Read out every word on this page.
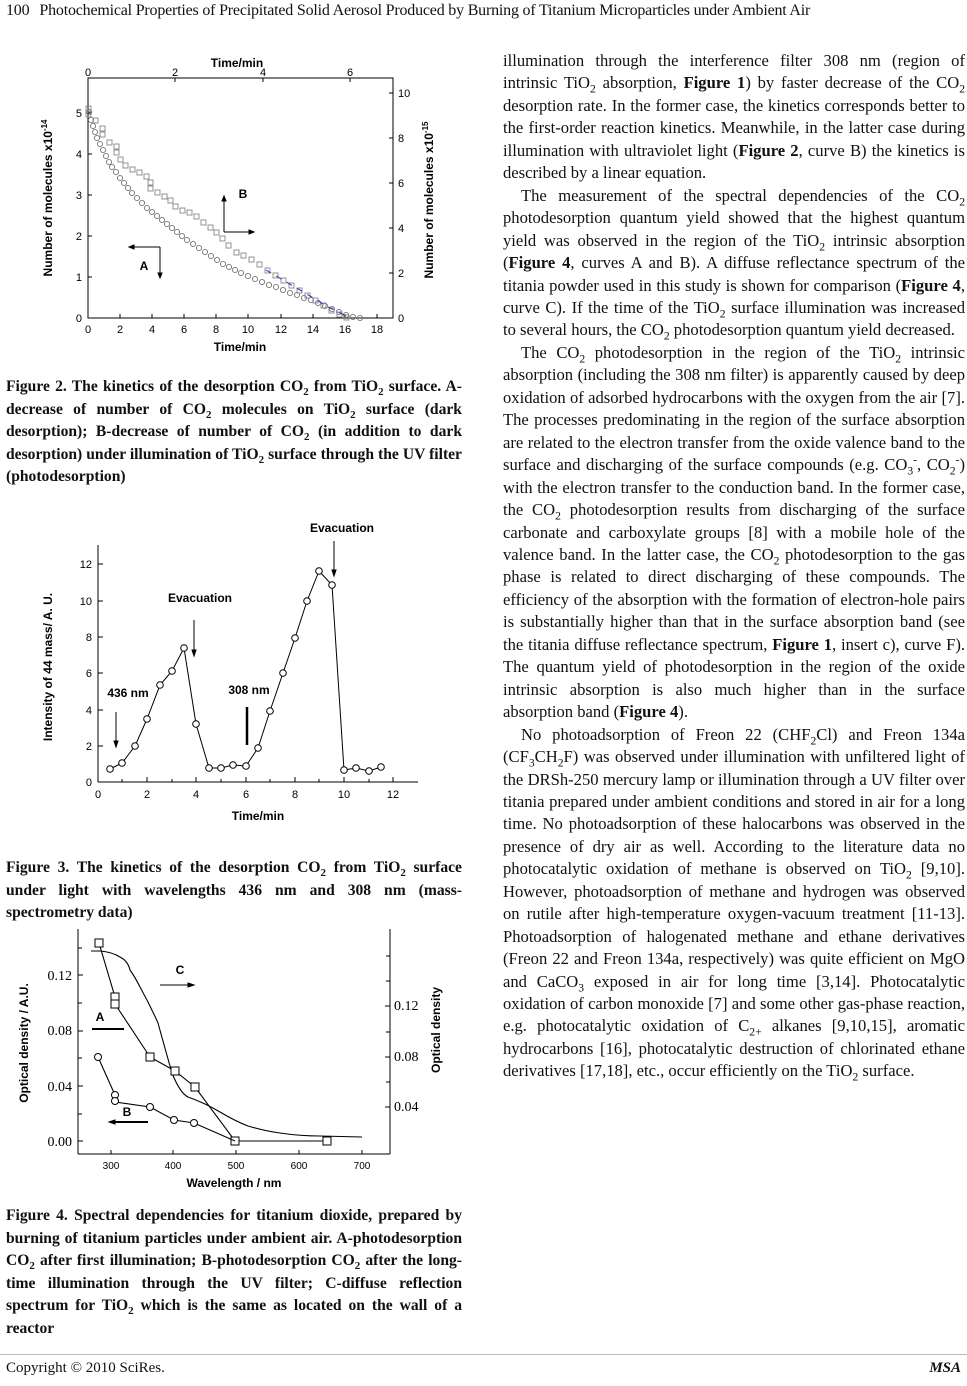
100 Photochemical Properties of Precipitated Solid Aerosol Produced by Burning of Titanium Microparticles under Ambient Air
Time/min
0	2	4	6
0 2 4 6 8 10 12 14 16 18
Time/min
0
1
2
3
4
5
Number of molecules $x10^{-14}$
0
2
4
6
8
10
Number of molecules $x10^{-15}$
A
B
Figure 2. The kinetics of the desorption $CO_2$ from TiO$_2$ surface. A-decrease of number of $CO_2$ molecules on TiO$_2$ surface (dark desorption); B-decrease of number of $CO_2$ (in addition to dark desorption) under illumination of TiO$_2$ surface through the UV filter (photodesorption)
0	2	4	6	8	10	12
0
2
4
6
8
10
12
Intensity of 44 mass/ A. U.
Time/min
436 nm
Evacuation
308 nm
Evacuation
Figure 3. The kinetics of the desorption $CO_2$ from TiO$_2$ surface under light with wavelengths 436 nm and 308 nm (mass-spectrometry data)
300	400	500	600	700
Wavelength / nm
0.00
0.04
0.08
0.12
Optical density / A.U.
0.04
0.08
0.12 Optical density
A
B
C
Figure 4. Spectral dependencies for titanium dioxide, prepared by burning of titanium particles under ambient air. A-photodesorption $CO_2$ after first illumination; B-photodesorption $CO_2$ after the long-time illumination through the UV filter; C-diffuse reflection spectrum for TiO$_2$ which is the same as located on the wall of a reactor

illumination through the interference filter 308 nm (region of intrinsic TiO$_2$ absorption, Figure 1) by faster decrease of the $CO_2$ desorption rate. In the former case, the kinetics corresponds better to the first-order reaction kinetics. Meanwhile, in the latter case during illumination with ultraviolet light (Figure 2, curve B) the kinetics is described by a linear equation.

The measurement of the spectral dependencies of the $CO_2$ photodesorption quantum yield showed that the highest quantum yield was observed in the region of the TiO$_2$ intrinsic absorption (Figure 4, curves A and B). A diffuse reflectance spectrum of the titania powder used in this study is shown for comparison (Figure 4, curve C). If the time of the TiO$_2$ surface illumination was increased to several hours, the $CO_2$ photodesorption quantum yield decreased.

The $CO_2$ photodesorption in the region of the TiO$_2$ intrinsic absorption (including the 308 nm filter) is apparently caused by deep oxidation of adsorbed hydrocarbons with the oxygen from the air [7]. The processes predominating in the region of the surface absorption are related to the electron transfer from the oxide valence band to the surface and discharging of the surface compounds (e.g. $CO_3^-$, $CO_2^-$) with the electron transfer to the conduction band. In the former case, the $CO_2$ photodesorption results from discharging of the surface carbonate and carboxylate groups [8] with a mobile hole of the valence band. In the latter case, the $CO_2$ photodesorption to the gas phase is related to direct discharging of these compounds. The efficiency of the absorption with the formation of electron-hole pairs is substantially higher than that in the surface absorption band (see the titania diffuse reflectance spectrum, Figure 1, insert c), curve F). The quantum yield of photodesorption in the region of the oxide intrinsic absorption is also much higher than in the surface absorption band (Figure 4).

No photoadsorption of Freon 22 $(CHF_2Cl)$ and Freon 134a $(CF_3CH_2F)$ was observed under illumination with unfiltered light of the DRSh-250 mercury lamp or illumination through a UV filter over titania prepared under ambient conditions and stored in air for a long time. No photoadsorption of these halocarbons was observed in the presence of dry air as well. According to the literature data no photocatalytic oxidation of methane is observed on TiO$_2$ [9,10]. However, photoadsorption of methane and hydrogen was observed on rutile after high-temperature oxygen-vacuum treatment [11-13]. Photoadsorption of halogenated methane and ethane derivatives (Freon 22 and Freon 134a, respectively) was quite efficient on MgO and CaCO$_3$ exposed in air for long time [3,14]. Photocatalytic oxidation of carbon monoxide [7] and some other gas-phase reaction, e.g. photocatalytic oxidation of $C_{2+}$ alkanes [9,10,15], aromatic hydrocarbons [16], photocatalytic destruction of chlorinated ethane derivatives [17,18], etc., occur efficiently on the TiO$_2$ surface.

Copyright © 2010 SciRes.	MSA
